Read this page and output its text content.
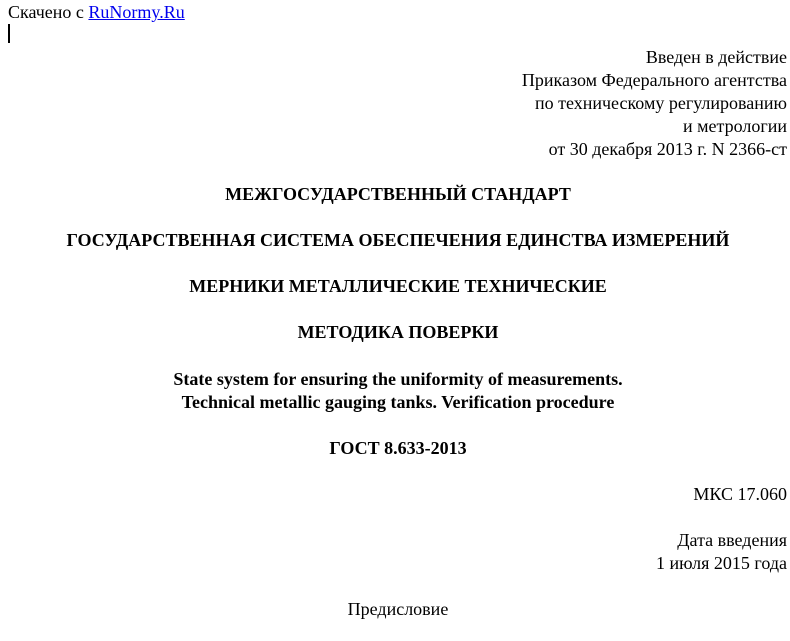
Скачено с RuNormy.Ru
Введен в действие
Приказом Федерального агентства
по техническому регулированию
и метрологии
от 30 декабря 2013 г. N 2366-ст
МЕЖГОСУДАРСТВЕННЫЙ СТАНДАРТ
ГОСУДАРСТВЕННАЯ СИСТЕМА ОБЕСПЕЧЕНИЯ ЕДИНСТВА ИЗМЕРЕНИЙ
МЕРНИКИ МЕТАЛЛИЧЕСКИЕ ТЕХНИЧЕСКИЕ
МЕТОДИКА ПОВЕРКИ
State system for ensuring the uniformity of measurements.
Technical metallic gauging tanks. Verification procedure
ГОСТ 8.633-2013
МКС 17.060
Дата введения
1 июля 2015 года
Предисловие
